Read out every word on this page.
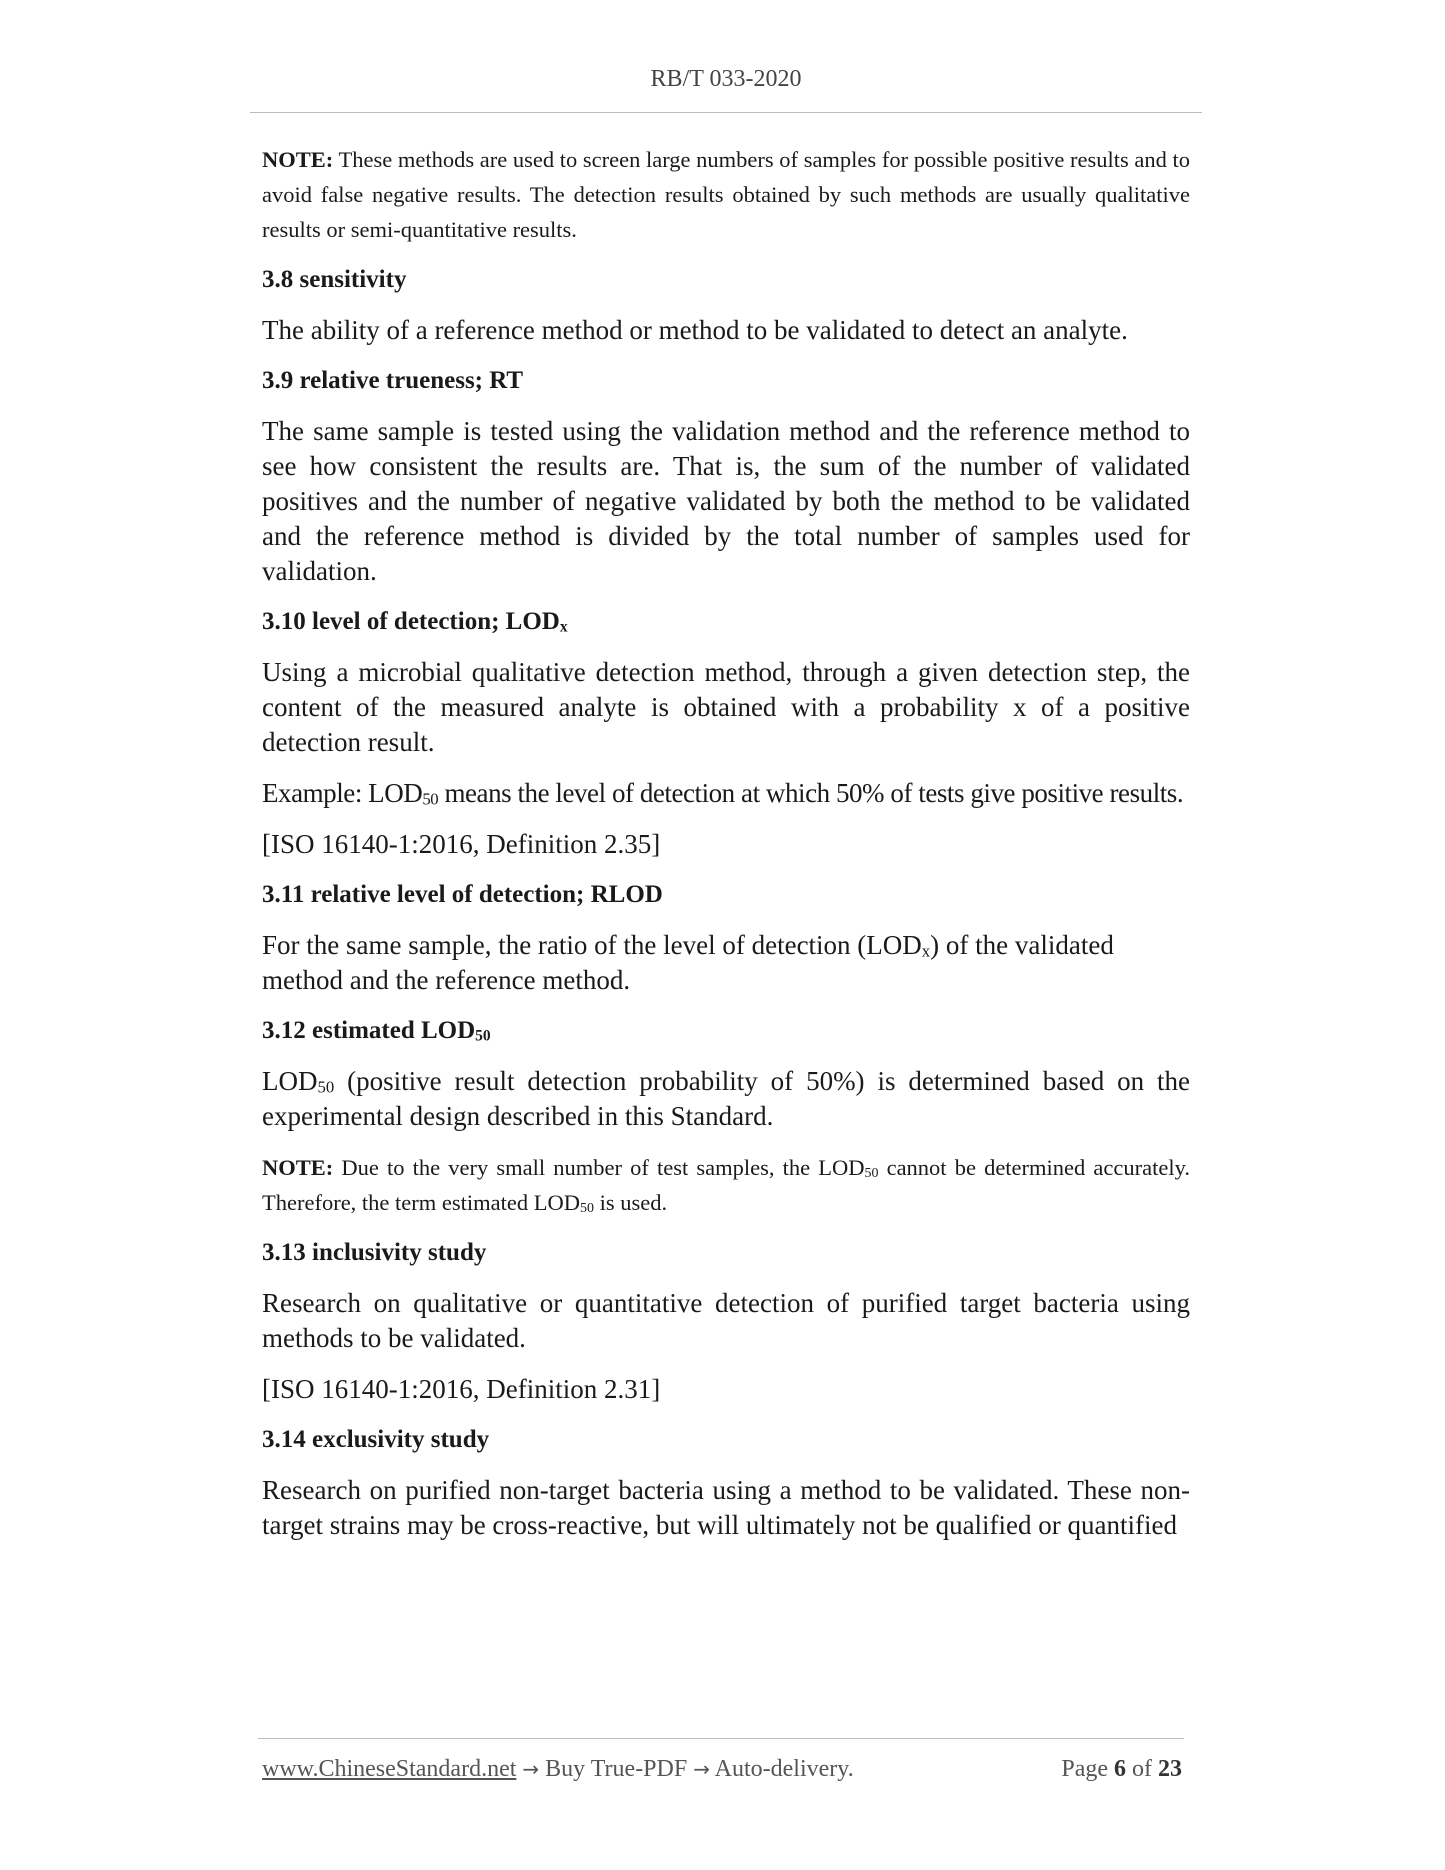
RB/T 033-2020

NOTE: These methods are used to screen large numbers of samples for possible positive results and to avoid false negative results. The detection results obtained by such methods are usually qualitative results or semi-quantitative results.

3.8 sensitivity

The ability of a reference method or method to be validated to detect an analyte.

3.9 relative trueness; RT

The same sample is tested using the validation method and the reference method to see how consistent the results are. That is, the sum of the number of validated positives and the number of negative validated by both the method to be validated and the reference method is divided by the total number of samples used for validation.

3.10 level of detection; $LOD_x$

Using a microbial qualitative detection method, through a given detection step, the content of the measured analyte is obtained with a probability x of a positive detection result.

Example: $LOD_{50}$ means the level of detection at which 50% of tests give positive results.

[ISO 16140-1:2016, Definition 2.35]

3.11 relative level of detection; RLOD

For the same sample, the ratio of the level of detection $(LOD_x)$ of the validated method and the reference method.

3.12 estimated $LOD_{50}$

$LOD_{50}$ (positive result detection probability of 50%) is determined based on the experimental design described in this Standard.

NOTE: Due to the very small number of test samples, the $LOD_{50}$ cannot be determined accurately. Therefore, the term estimated $LOD_{50}$ is used.

3.13 inclusivity study

Research on qualitative or quantitative detection of purified target bacteria using methods to be validated.

[ISO 16140-1:2016, Definition 2.31]

3.14 exclusivity study

Research on purified non-target bacteria using a method to be validated. These non-target strains may be cross-reactive, but will ultimately not be qualified or quantified

www.ChineseStandard.net → Buy True-PDF → Auto-delivery.	Page 6 of 23
